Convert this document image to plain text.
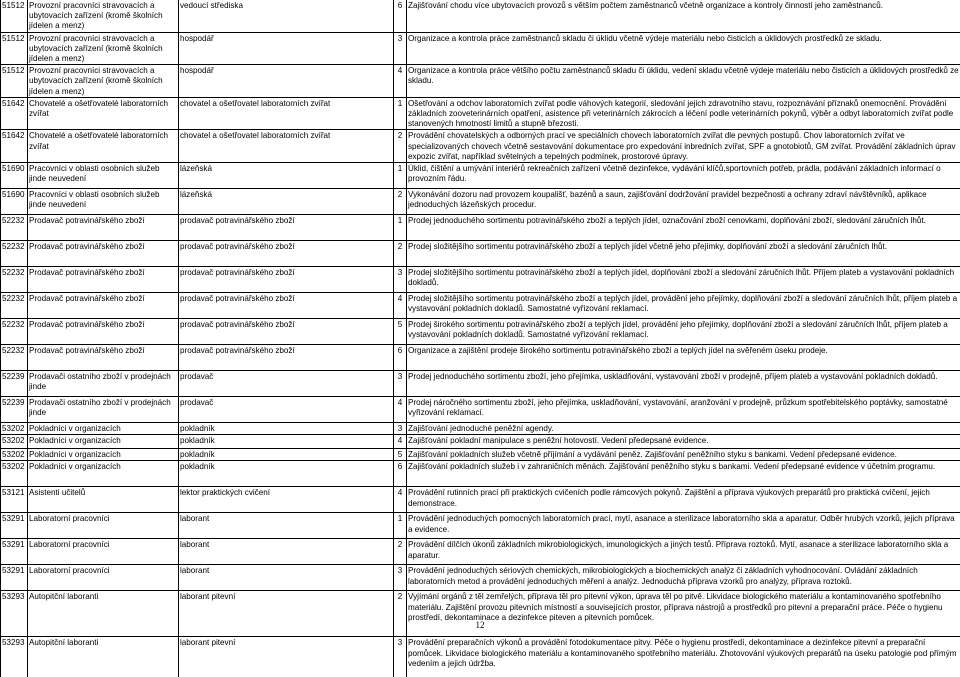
51512	Provozní pracovníci stravovacích a ubytovacích zařízení (kromě školních jídelen a menz)	vedoucí střediska	6	Zajišťování chodu více ubytovacích provozů s větším počtem zaměstnanců včetně organizace a kontroly činností jeho zaměstnanců.
51512	Provozní pracovníci stravovacích a ubytovacích zařízení (kromě školních jídelen a menz)	hospodář	3	Organizace a kontrola práce zaměstnanců skladu či úklidu včetně výdeje materiálu nebo čisticích a úklidových prostředků ze skladu.
51512	Provozní pracovníci stravovacích a ubytovacích zařízení (kromě školních jídelen a menz)	hospodář	4	Organizace a kontrola práce většího počtu zaměstnanců skladu či úklidu, vedení skladu včetně výdeje materiálu nebo čisticích a úklidových prostředků ze skladu.
51642	Chovatelé a ošetřovatelé laboratorních zvířat	chovatel a ošetřovatel laboratorních zvířat	1	Ošetřování a odchov laboratorních zvířat podle váhových kategorií, sledování jejich zdravotního stavu, rozpoznávání příznaků onemocnění. Provádění základních zooveterinárních opatření, asistence při veterinárních zákrocích a léčení podle veterinárních pokynů, výběr a odbyt laboratorních zvířat podle stanovených hmotností limitů a stupně březosti.
51642	Chovatelé a ošetřovatelé laboratorních zvířat	chovatel a ošetřovatel laboratorních zvířat	2	Provádění chovatelských a odborných prací ve speciálních chovech laboratorních zvířat dle pevných postupů. Chov laboratorních zvířat ve specializovaných chovech včetně sestavování dokumentace pro expedování inbredních zvířat, SPF a gnotobiotů, GM zvířat. Provádění základních úprav expozic zvířat, například světelných a tepelných podmínek, prostorové úpravy.
51690	Pracovníci v oblasti osobních služeb jinde neuvedení	lázeňská	1	Úklid, čištění a umývání interiérů rekreačních zařízení včetně dezinfekce, vydávání klíčů,sportovních potřeb, prádla, podávání základních informací o provozním řádu.
51690	Pracovníci v oblasti osobních služeb jinde neuvedení	lázeňská	2	Vykonávání dozoru nad provozem koupališť, bazénů a saun, zajišťování dodržování pravidel bezpečnosti a ochrany zdraví návštěvníků, aplikace jednoduchých lázeňských procedur.
52232	Prodavač potravinářského zboží	prodavač potravinářského zboží	1	Prodej jednoduchého sortimentu potravinářského zboží a teplých jídel, označování zboží cenovkami, doplňování zboží, sledování záručních lhůt.
52232	Prodavač potravinářského zboží	prodavač potravinářského zboží	2	Prodej složitějšího sortimentu potravinářského zboží a teplých jídel včetně jeho přejímky, doplňování zboží a sledování záručních lhůt.
52232	Prodavač potravinářského zboží	prodavač potravinářského zboží	3	Prodej složitějšího sortimentu potravinářského zboží a teplých jídel, doplňování zboží a sledování záručních lhůt. Příjem plateb a vystavování pokladních dokladů.
52232	Prodavač potravinářského zboží	prodavač potravinářského zboží	4	Prodej složitějšího sortimentu potravinářského zboží a teplých jídel, provádění jeho přejímky, doplňování zboží a sledování záručních lhůt, příjem plateb a vystavování pokladních dokladů. Samostatné vyřizování reklamací.
52232	Prodavač potravinářského zboží	prodavač potravinářského zboží	5	Prodej širokého sortimentu potravinářského zboží a teplých jídel, provádění jeho přejímky, doplňování zboží a sledování záručních lhůt, příjem plateb a vystavování pokladních dokladů. Samostatné vyřizování reklamací.
52232	Prodavač potravinářského zboží	prodavač potravinářského zboží	6	Organizace a zajištění prodeje širokého sortimentu potravinářského zboží a teplých jídel na svěřeném úseku prodeje.
52239	Prodavači ostatního zboží v prodejnách jinde	prodavač	3	Prodej jednoduchého sortimentu zboží, jeho přejímka, uskladňování, vystavování zboží v prodejně, příjem plateb a vystavování pokladních dokladů.
52239	Prodavači ostatního zboží v prodejnách jinde	prodavač	4	Prodej náročného sortimentu zboží, jeho přejímka, uskladňování, vystavování, aranžování v prodejně, průzkum spotřebitelského poptávky, samostatné vyřizování reklamací.
53202	Pokladníci v organizacích	pokladník	3	Zajišťování jednoduché peněžní agendy.
53202	Pokladníci v organizacích	pokladník	4	Zajišťování pokladní manipulace s peněžní hotovostí. Vedení předepsané evidence.
53202	Pokladníci v organizacích	pokladník	5	Zajišťování pokladních služeb včetně příjímání a vydávání peněz. Zajišťování peněžního styku s bankami. Vedení předepsané evidence.
53202	Pokladníci v organizacích	pokladník	6	Zajišťování pokladních služeb i v zahraničních měnách. Zajišťování peněžního styku s bankami. Vedení předepsané evidence v účetním programu.
53121	Asistenti učitelů	lektor praktických cvičení	4	Provádění rutinních prací při praktických cvičeních podle rámcových pokynů. Zajištění a příprava výukových preparátů pro praktická cvičení, jejich demonstrace.
53291	Laboratorní pracovníci	laborant	1	Provádění jednoduchých pomocných laboratorních prací, mytí, asanace a sterilizace laboratorního skla a aparatur. Odběr hrubých vzorků, jejich příprava a evidence.
53291	Laboratorní pracovníci	laborant	2	Provádění dílčích úkonů základních mikrobiologických, imunologických a jiných testů. Příprava roztoků. Mytí, asanace a sterilizace laboratorního skla a aparatur.
53291	Laboratorní pracovníci	laborant	3	Provádění jednoduchých sériových chemických, mikrobiologických a biochemických analýz či základních vyhodnocování. Ovládání základních laboratorních metod a provádění jednoduchých měření a analýz. Jednoduchá příprava vzorků pro analýzy, příprava roztoků.
53293	Autopitční laboranti	laborant pitevní	2	Vyjímání orgánů z těl zemřelých, příprava těl pro pitevní výkon, úprava těl po pitvě. Likvidace biologického materiálu a kontaminovaného spotřebního materiálu. Zajištění provozu pitevních místností a souvisejících prostor, příprava nástrojů a prostředků pro pitevní a preparační práce. Péče o hygienu prostředí, dekontaminace a dezinfekce piteven a pitevních pomůcek.
53293	Autopitční laboranti	laborant pitevní	3	Provádění preparačních výkonů a provádění fotodokumentace pitvy. Péče o hygienu prostředí, dekontaminace a dezinfekce pitevní a preparační pomůcek. Likvidace biologického materiálu a kontaminovaného spotřebního materiálu. Zhotovování výukových preparátů na úseku patologie pod přímým vedením a jejich údržba.
12
